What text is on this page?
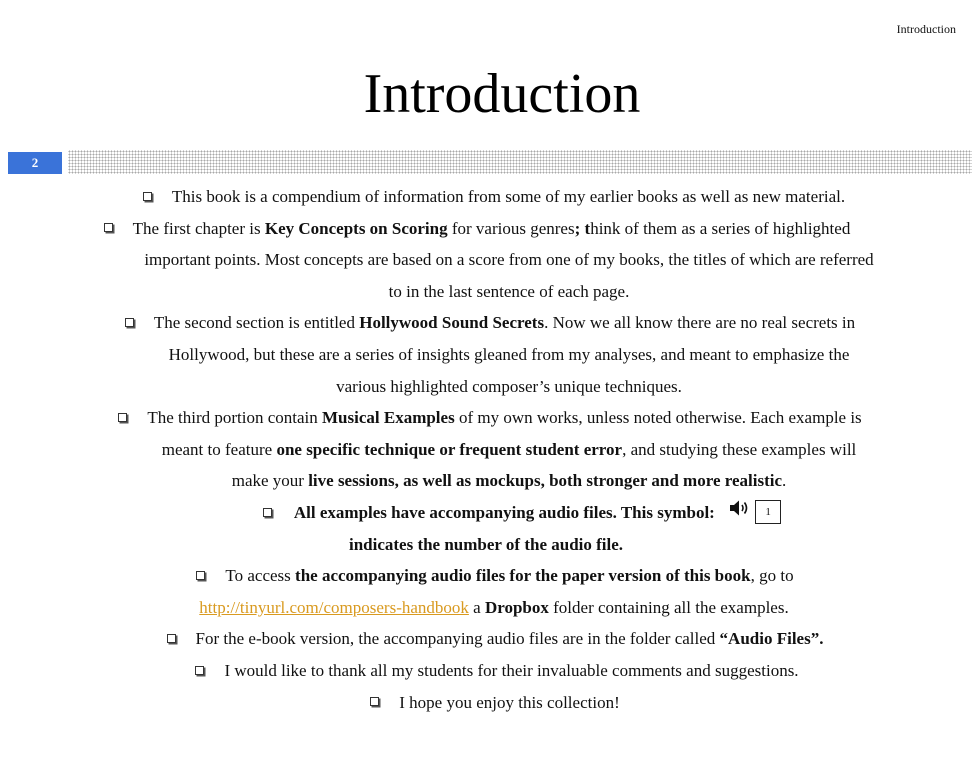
Introduction
Introduction
2
This book is a compendium of information from some of my earlier books as well as new material.
The first chapter is Key Concepts on Scoring for various genres; think of them as a series of highlighted
important points. Most concepts are based on a score from one of my books, the titles of which are referred
to in the last sentence of each page.
The second section is entitled Hollywood Sound Secrets. Now we all know there are no real secrets in
Hollywood, but these are a series of insights gleaned from my analyses, and meant to emphasize the
various highlighted composer’s unique techniques.
The third portion contain Musical Examples of my own works, unless noted otherwise. Each example is
meant to feature one specific technique or frequent student error, and studying these examples will
make your live sessions, as well as mockups, both stronger and more realistic.
All examples have accompanying audio files. This symbol:	1
indicates the number of the audio file.
To access the accompanying audio files for the paper version of this book, go to
http://tinyurl.com/composers-handbook a Dropbox folder containing all the examples.
For the e-book version, the accompanying audio files are in the folder called “Audio Files”.
I would like to thank all my students for their invaluable comments and suggestions.
I hope you enjoy this collection!
